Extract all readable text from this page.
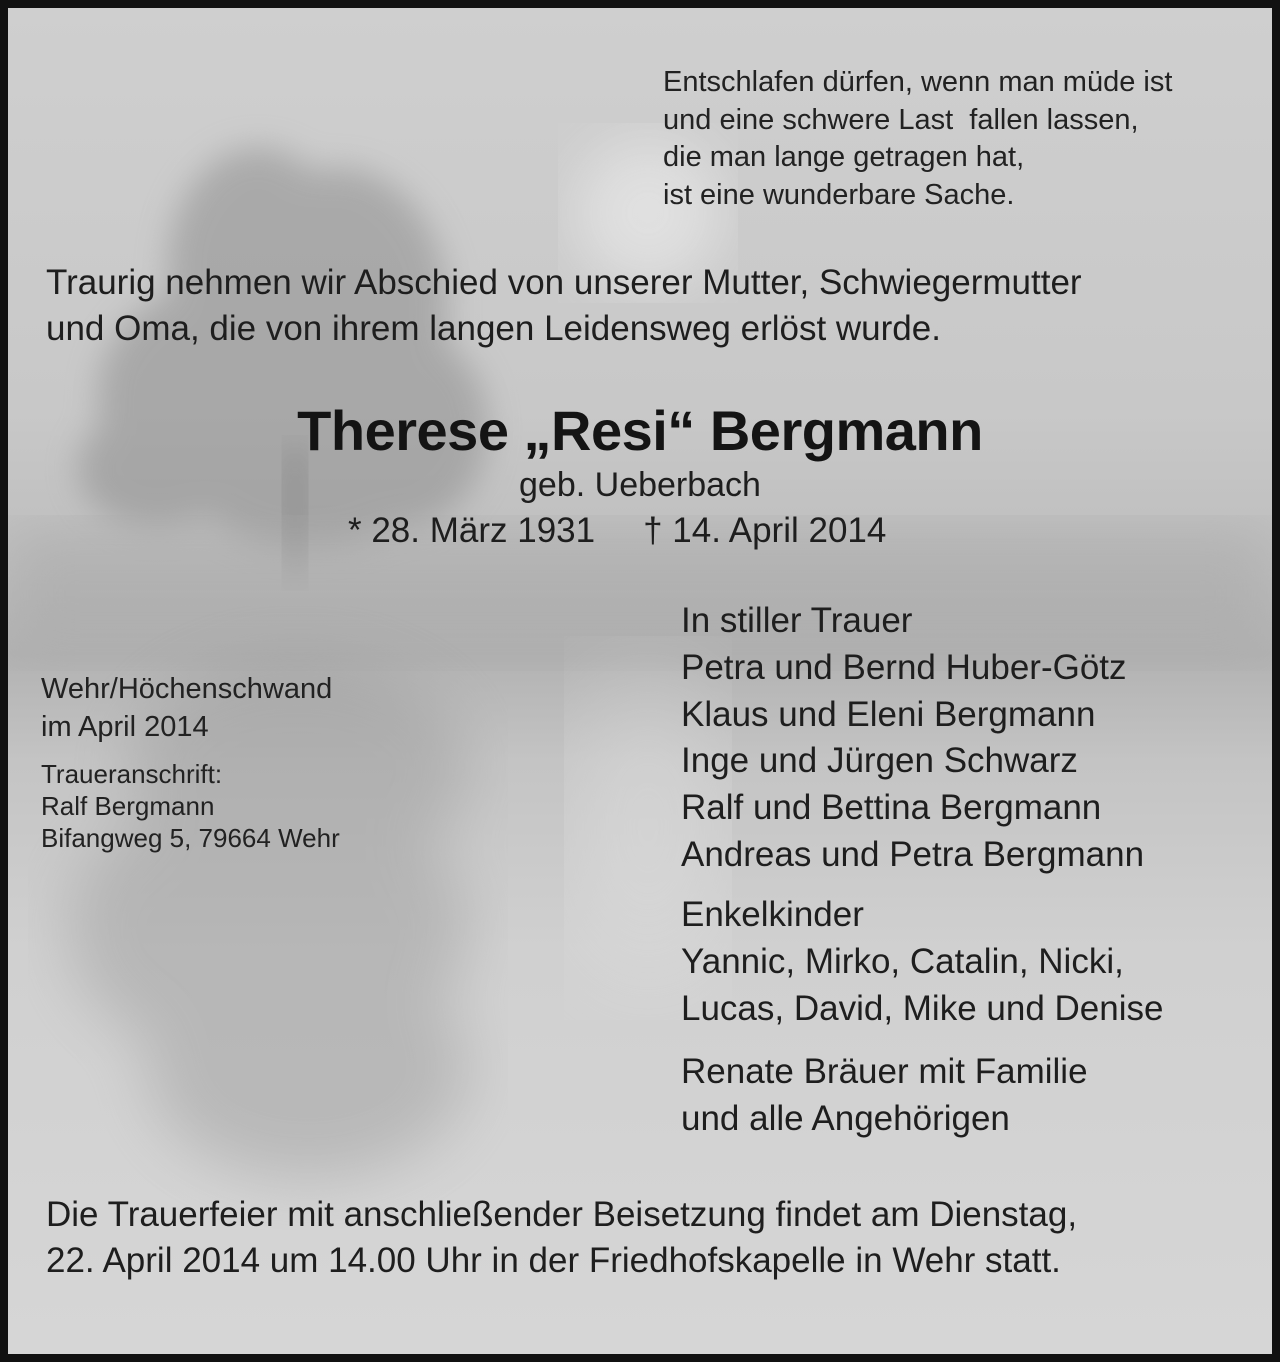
Entschlafen dürfen, wenn man müde ist
und eine schwere Last  fallen lassen,
die man lange getragen hat,
ist eine wunderbare Sache.
Traurig nehmen wir Abschied von unserer Mutter, Schwiegermutter
und Oma, die von ihrem langen Leidensweg erlöst wurde.
Therese „Resi“ Bergmann
geb. Ueberbach
* 28. März 1931 † 14. April 2014
Wehr/Höchenschwand
im April 2014
Traueranschrift:
Ralf Bergmann
Bifangweg 5, 79664 Wehr
In stiller Trauer
Petra und Bernd Huber-Götz
Klaus und Eleni Bergmann
Inge und Jürgen Schwarz
Ralf und Bettina Bergmann
Andreas und Petra Bergmann
Enkelkinder
Yannic, Mirko, Catalin, Nicki,
Lucas, David, Mike und Denise
Renate Bräuer mit Familie
und alle Angehörigen
Die Trauerfeier mit anschließender Beisetzung findet am Dienstag,
22. April 2014 um 14.00 Uhr in der Friedhofskapelle in Wehr statt.
